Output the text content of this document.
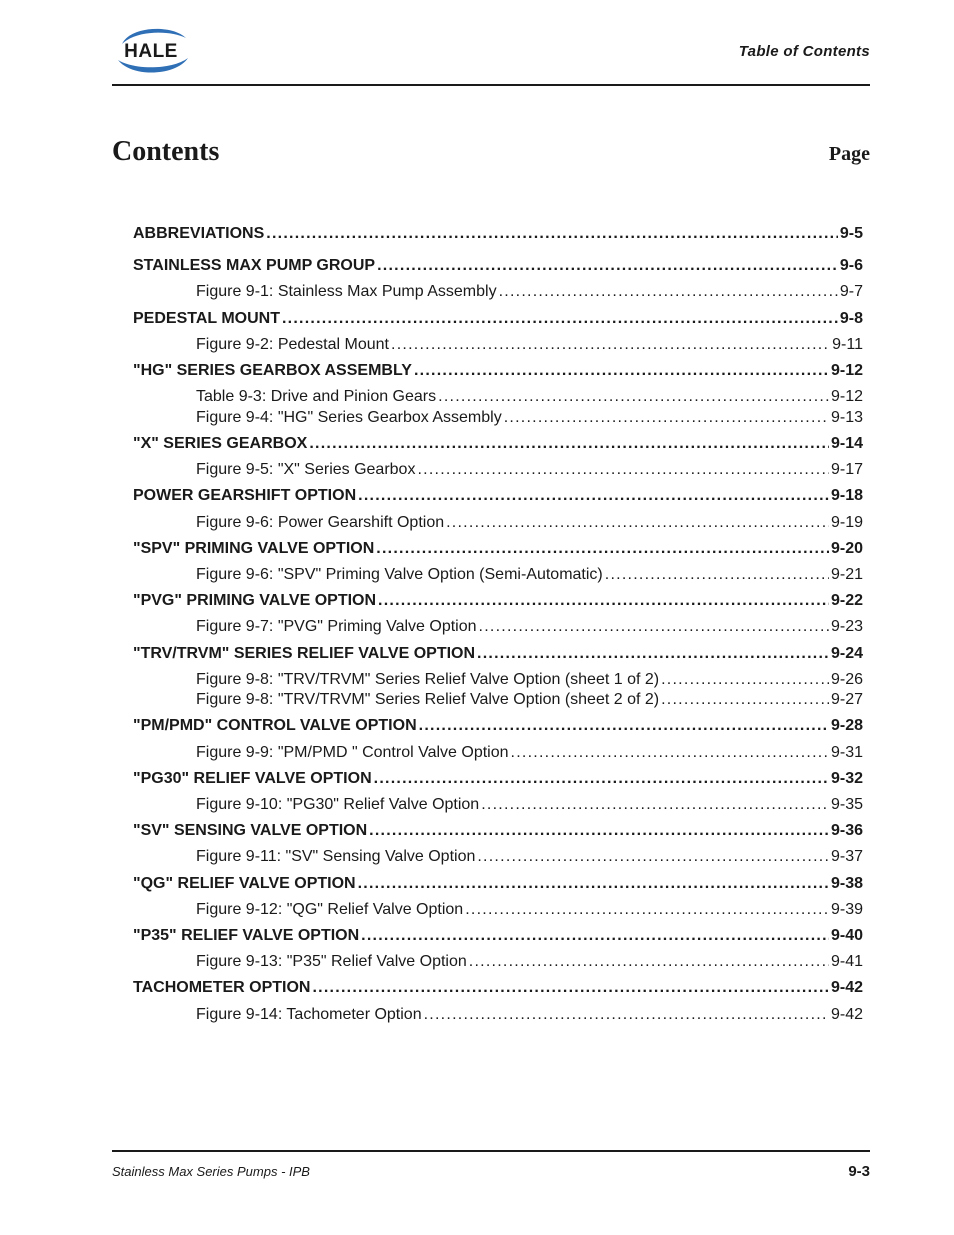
HALE	Table of Contents
Contents	Page
ABBREVIATIONS . . .	9-5
STAINLESS MAX PUMP GROUP . . .	9-6
Figure 9-1: Stainless Max Pump Assembly . . .	9-7
PEDESTAL MOUNT . . .	9-8
Figure 9-2: Pedestal Mount . . .	9-11
"HG" SERIES GEARBOX ASSEMBLY . . .	9-12
Table 9-3: Drive and Pinion Gears . . .	9-12
Figure 9-4: "HG" Series Gearbox Assembly . . .	9-13
"X" SERIES GEARBOX . . .	9-14
Figure 9-5: "X" Series Gearbox . . .	9-17
POWER GEARSHIFT OPTION . . .	9-18
Figure 9-6: Power Gearshift Option . . .	9-19
"SPV" PRIMING VALVE OPTION . . .	9-20
Figure 9-6: "SPV" Priming Valve Option (Semi-Automatic) . . .	9-21
"PVG" PRIMING VALVE OPTION . . .	9-22
Figure 9-7: "PVG" Priming Valve Option . . .	9-23
"TRV/TRVM" SERIES RELIEF VALVE OPTION . . .	9-24
Figure 9-8: "TRV/TRVM" Series Relief Valve Option (sheet 1 of 2) . . .	9-26
Figure 9-8: "TRV/TRVM" Series Relief Valve Option (sheet 2 of 2) . . .	9-27
"PM/PMD" CONTROL VALVE OPTION . . .	9-28
Figure 9-9: "PM/PMD " Control Valve Option . . .	9-31
"PG30" RELIEF VALVE OPTION . . .	9-32
Figure 9-10: "PG30" Relief Valve Option . . .	9-35
"SV" SENSING VALVE OPTION . . .	9-36
Figure 9-11: "SV" Sensing Valve Option . . .	9-37
"QG" RELIEF VALVE OPTION . . .	9-38
Figure 9-12: "QG" Relief Valve Option . . .	9-39
"P35" RELIEF VALVE OPTION . . .	9-40
Figure 9-13: "P35" Relief Valve Option . . .	9-41
TACHOMETER OPTION . . .	9-42
Figure 9-14: Tachometer Option . . .	9-42
Stainless Max Series Pumps - IPB	9-3
